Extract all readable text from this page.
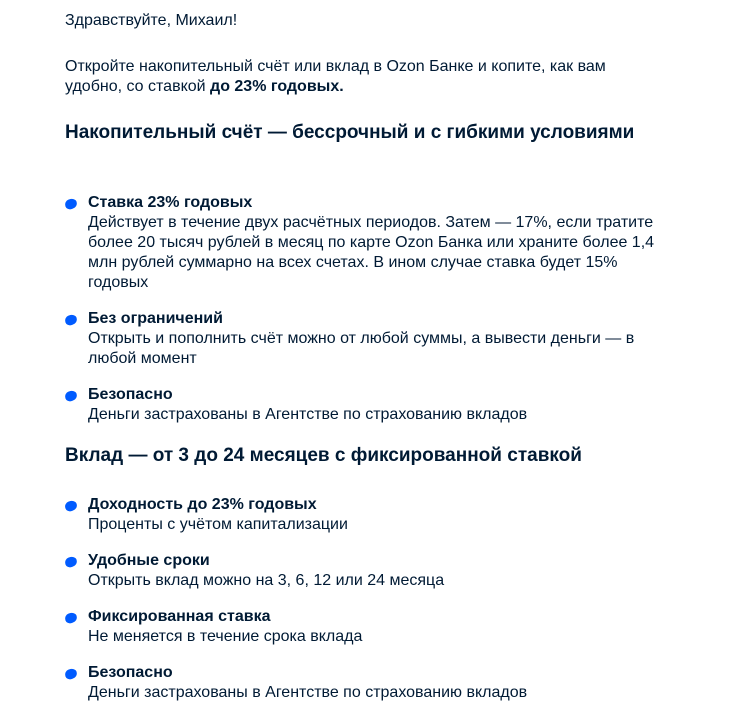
Здравствуйте, Михаил!
Откройте накопительный счёт или вклад в Ozon Банке и копите, как вам удобно, со ставкой до 23% годовых.
Накопительный счёт — бессрочный и с гибкими условиями
Ставка 23% годовых
Действует в течение двух расчётных периодов. Затем — 17%, если тратите более 20 тысяч рублей в месяц по карте Ozon Банка или храните более 1,4 млн рублей суммарно на всех счетах. В ином случае ставка будет 15% годовых
Без ограничений
Открыть и пополнить счёт можно от любой суммы, а вывести деньги — в любой момент
Безопасно
Деньги застрахованы в Агентстве по страхованию вкладов
Вклад — от 3 до 24 месяцев с фиксированной ставкой
Доходность до 23% годовых
Проценты с учётом капитализации
Удобные сроки
Открыть вклад можно на 3, 6, 12 или 24 месяца
Фиксированная ставка
Не меняется в течение срока вклада
Безопасно
Деньги застрахованы в Агентстве по страхованию вкладов
